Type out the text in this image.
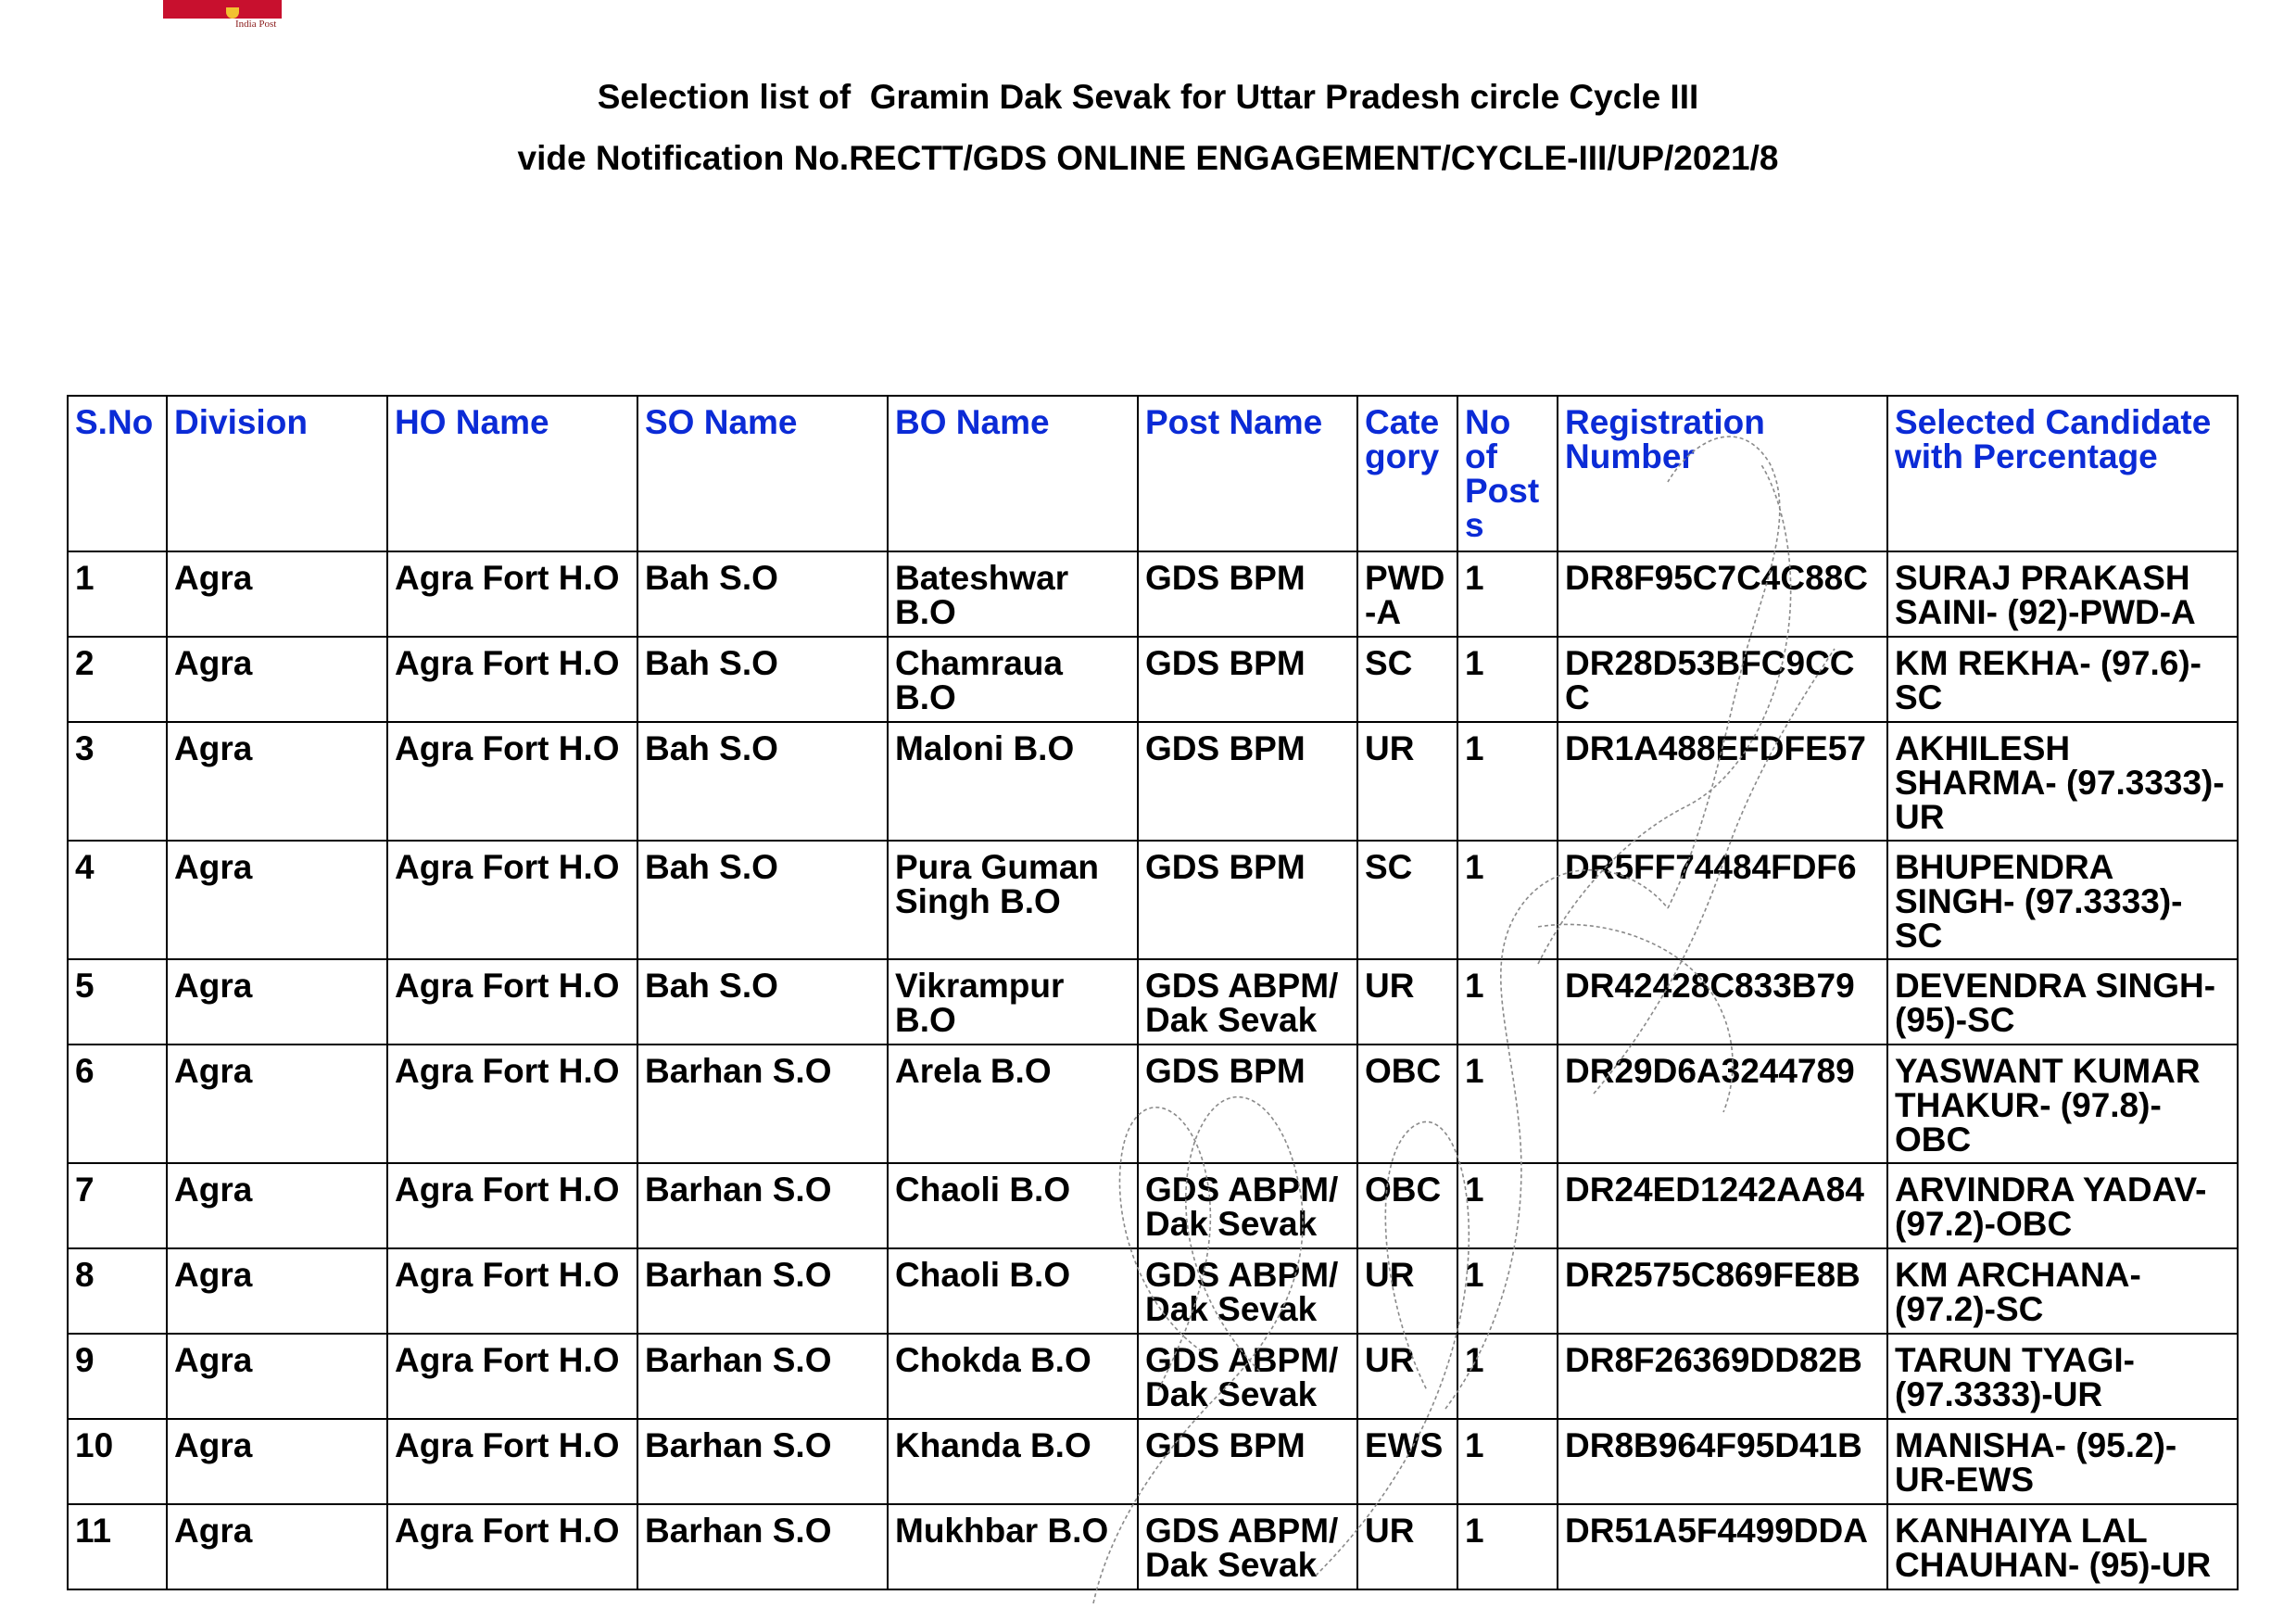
India Post
Selection list of  Gramin Dak Sevak for Uttar Pradesh circle Cycle III
vide Notification No.RECTT/GDS ONLINE ENGAGEMENT/CYCLE-III/UP/2021/8
S.No	Division	HO Name	SO Name	BO Name	Post Name	Cate gory	No of Post s	Registration Number	Selected Candidate with Percentage
1	Agra	Agra Fort H.O	Bah S.O	Bateshwar B.O	GDS BPM	PWD -A	1	DR8F95C7C4C88C	SURAJ PRAKASH SAINI- (92)-PWD-A
2	Agra	Agra Fort H.O	Bah S.O	Chamraua B.O	GDS BPM	SC	1	DR28D53BFC9CC C	KM REKHA- (97.6)- SC
3	Agra	Agra Fort H.O	Bah S.O	Maloni B.O	GDS BPM	UR	1	DR1A488EFDFE57	AKHILESH SHARMA- (97.3333)-UR
4	Agra	Agra Fort H.O	Bah S.O	Pura Guman Singh B.O	GDS BPM	SC	1	DR5FF74484FDF6	BHUPENDRA SINGH- (97.3333)- SC
5	Agra	Agra Fort H.O	Bah S.O	Vikrampur B.O	GDS ABPM/ Dak Sevak	UR	1	DR42428C833B79	DEVENDRA SINGH- (95)-SC
6	Agra	Agra Fort H.O	Barhan S.O	Arela B.O	GDS BPM	OBC	1	DR29D6A3244789	YASWANT KUMAR THAKUR- (97.8)- OBC
7	Agra	Agra Fort H.O	Barhan S.O	Chaoli B.O	GDS ABPM/ Dak Sevak	OBC	1	DR24ED1242AA84	ARVINDRA YADAV- (97.2)-OBC
8	Agra	Agra Fort H.O	Barhan S.O	Chaoli B.O	GDS ABPM/ Dak Sevak	UR	1	DR2575C869FE8B	KM ARCHANA- (97.2)-SC
9	Agra	Agra Fort H.O	Barhan S.O	Chokda B.O	GDS ABPM/ Dak Sevak	UR	1	DR8F26369DD82B	TARUN TYAGI- (97.3333)-UR
10	Agra	Agra Fort H.O	Barhan S.O	Khanda B.O	GDS BPM	EWS	1	DR8B964F95D41B	MANISHA- (95.2)- UR-EWS
11	Agra	Agra Fort H.O	Barhan S.O	Mukhbar B.O	GDS ABPM/ Dak Sevak	UR	1	DR51A5F4499DDA	KANHAIYA LAL CHAUHAN- (95)-UR
